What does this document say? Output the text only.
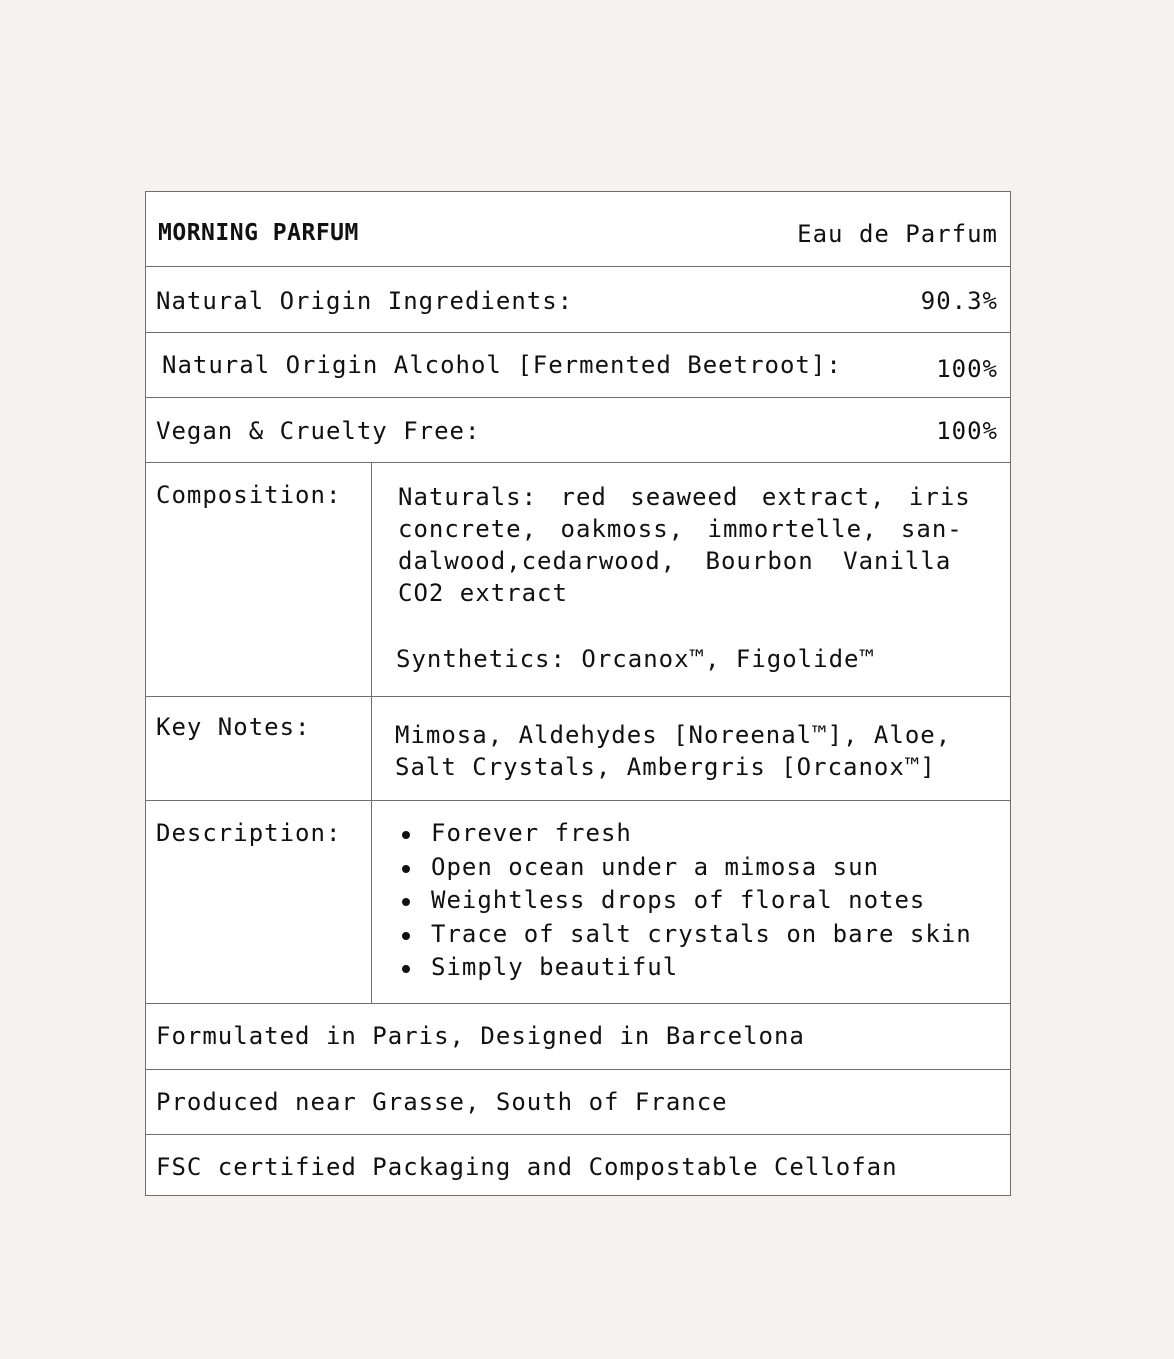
MORNING PARFUM	Eau de Parfum
Natural Origin Ingredients:	90.3%
Natural Origin Alcohol [Fermented Beetroot]:	100%
Vegan & Cruelty Free:	100%
Composition: Naturals: red seaweed extract, iris
concrete, oakmoss, immortelle, san-
dalwood,cedarwood, Bourbon Vanilla
CO2 extract
Synthetics: Orcanox™, Figolide™
Key Notes:	Mimosa, Aldehydes [Noreenal™], Aloe,
Salt Crystals, Ambergris [Orcanox™]
Description:	Forever fresh
Open ocean under a mimosa sun
Weightless drops of floral notes
Trace of salt crystals on bare skin
Simply beautiful
Formulated in Paris, Designed in Barcelona
Produced near Grasse, South of France
FSC certified Packaging and Compostable Cellofan
